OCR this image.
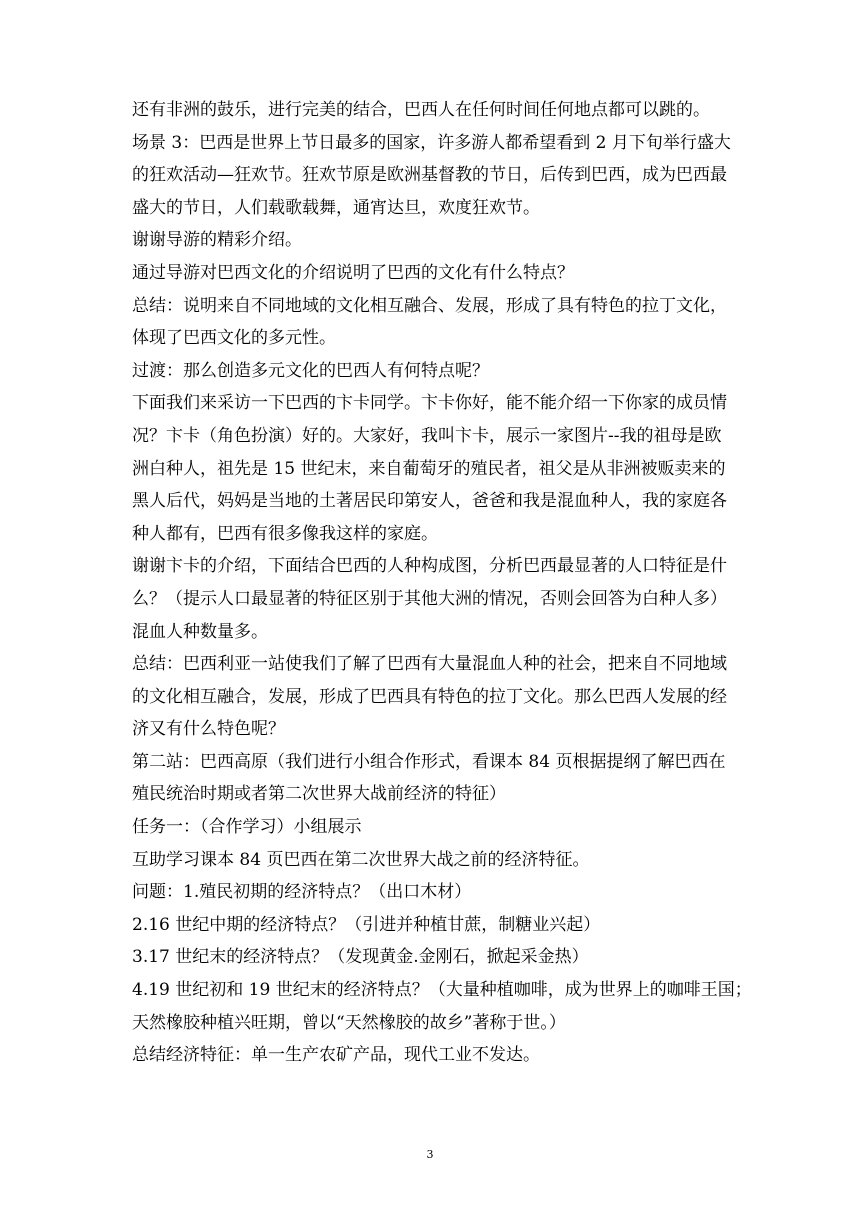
还有非洲的鼓乐，进行完美的结合，巴西人在任何时间任何地点都可以跳的。
场景 3：巴西是世界上节日最多的国家，许多游人都希望看到 2 月下旬举行盛大
的狂欢活动—狂欢节。狂欢节原是欧洲基督教的节日，后传到巴西，成为巴西最
盛大的节日，人们载歌载舞，通宵达旦，欢度狂欢节。
谢谢导游的精彩介绍。
通过导游对巴西文化的介绍说明了巴西的文化有什么特点？
总结：说明来自不同地域的文化相互融合、发展，形成了具有特色的拉丁文化，
体现了巴西文化的多元性。
过渡：那么创造多元文化的巴西人有何特点呢？
下面我们来采访一下巴西的卞卡同学。卞卡你好，能不能介绍一下你家的成员情
况？卞卡（角色扮演）好的。大家好，我叫卞卡，展示一家图片--我的祖母是欧
洲白种人，祖先是 15 世纪末，来自葡萄牙的殖民者，祖父是从非洲被贩卖来的
黑人后代，妈妈是当地的土著居民印第安人，爸爸和我是混血种人，我的家庭各
种人都有，巴西有很多像我这样的家庭。
谢谢卞卡的介绍，下面结合巴西的人种构成图，分析巴西最显著的人口特征是什
么？（提示人口最显著的特征区别于其他大洲的情况，否则会回答为白种人多）
混血人种数量多。
总结：巴西利亚一站使我们了解了巴西有大量混血人种的社会，把来自不同地域
的文化相互融合，发展，形成了巴西具有特色的拉丁文化。那么巴西人发展的经
济又有什么特色呢？
第二站：巴西高原（我们进行小组合作形式，看课本 84 页根据提纲了解巴西在
殖民统治时期或者第二次世界大战前经济的特征）
任务一：（合作学习）小组展示
互助学习课本 84 页巴西在第二次世界大战之前的经济特征。
问题：1.殖民初期的经济特点？（出口木材）
2.16 世纪中期的经济特点？（引进并种植甘蔗，制糖业兴起）
3.17 世纪末的经济特点？（发现黄金.金刚石，掀起采金热）
4.19 世纪初和 19 世纪末的经济特点？（大量种植咖啡，成为世界上的咖啡王国；
天然橡胶种植兴旺期，曾以“天然橡胶的故乡”著称于世。）
总结经济特征：单一生产农矿产品，现代工业不发达。
3
